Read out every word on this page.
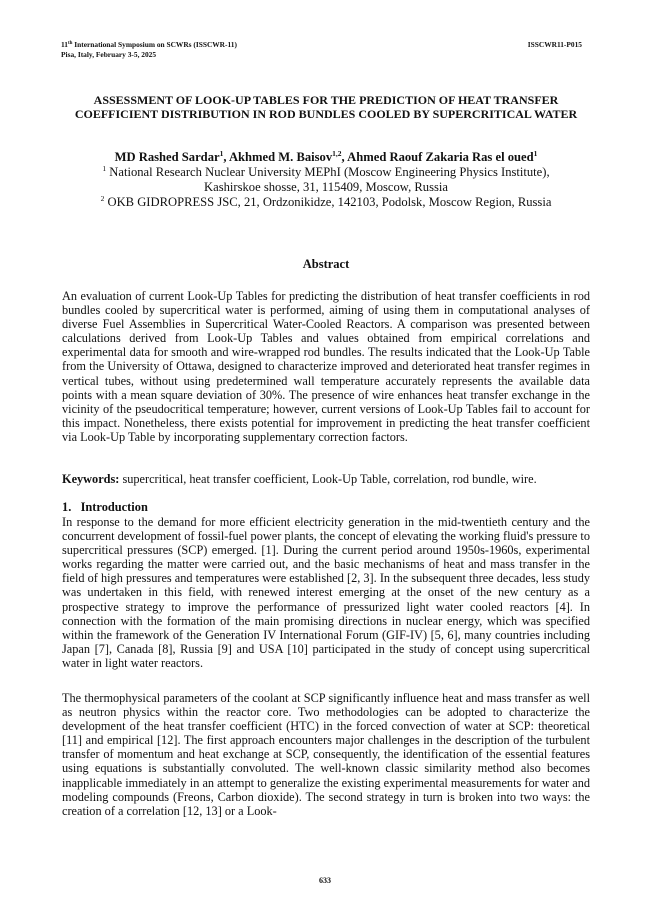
11th International Symposium on SCWRs (ISSCWR-11)
Pisa, Italy, February 3-5, 2025
ISSCWR11-P015
ASSESSMENT OF LOOK-UP TABLES FOR THE PREDICTION OF HEAT TRANSFER COEFFICIENT DISTRIBUTION IN ROD BUNDLES COOLED BY SUPERCRITICAL WATER
MD Rashed Sardar$^1$, Akhmed M. Baisov$^{1,2}$, Ahmed Raouf Zakaria Ras el oued$^1$
$^1$ National Research Nuclear University MEPhI (Moscow Engineering Physics Institute),
Kashirskoe shosse, 31, 115409, Moscow, Russia
$^2$ OKB GIDROPRESS JSC, 21, Ordzonikidze, 142103, Podolsk, Moscow Region, Russia
Abstract

An evaluation of current Look-Up Tables for predicting the distribution of heat transfer coefficients in rod bundles cooled by supercritical water is performed, aiming of using them in computational analyses of diverse Fuel Assemblies in Supercritical Water-Cooled Reactors. A comparison was presented between calculations derived from Look-Up Tables and values obtained from empirical correlations and experimental data for smooth and wire-wrapped rod bundles. The results indicated that the Look-Up Table from the University of Ottawa, designed to characterize improved and deteriorated heat transfer regimes in vertical tubes, without using predetermined wall temperature accurately represents the available data points with a mean square deviation of 30%. The presence of wire enhances heat transfer exchange in the vicinity of the pseudocritical temperature; however, current versions of Look-Up Tables fail to account for this impact. Nonetheless, there exists potential for improvement in predicting the heat transfer coefficient via Look-Up Table by incorporating supplementary correction factors.

Keywords: supercritical, heat transfer coefficient, Look-Up Table, correlation, rod bundle, wire.

1.   Introduction

In response to the demand for more efficient electricity generation in the mid-twentieth century and the concurrent development of fossil-fuel power plants, the concept of elevating the working fluid's pressure to supercritical pressures (SCP) emerged. [1]. During the current period around 1950s-1960s, experimental works regarding the matter were carried out, and the basic mechanisms of heat and mass transfer in the field of high pressures and temperatures were established [2, 3]. In the subsequent three decades, less study was undertaken in this field, with renewed interest emerging at the onset of the new century as a prospective strategy to improve the performance of pressurized light water cooled reactors [4]. In connection with the formation of the main promising directions in nuclear energy, which was specified within the framework of the Generation IV International Forum (GIF-IV) [5, 6], many countries including Japan [7], Canada [8], Russia [9] and USA [10] participated in the study of concept using supercritical water in light water reactors.

The thermophysical parameters of the coolant at SCP significantly influence heat and mass transfer as well as neutron physics within the reactor core. Two methodologies can be adopted to characterize the development of the heat transfer coefficient (HTC) in the forced convection of water at SCP: theoretical [11] and empirical [12]. The first approach encounters major challenges in the description of the turbulent transfer of momentum and heat exchange at SCP, consequently, the identification of the essential features using equations is substantially convoluted. The well-known classic similarity method also becomes inapplicable immediately in an attempt to generalize the existing experimental measurements for water and modeling compounds (Freons, Carbon dioxide). The second strategy in turn is broken into two ways: the creation of a correlation [12, 13] or a Look-

633
